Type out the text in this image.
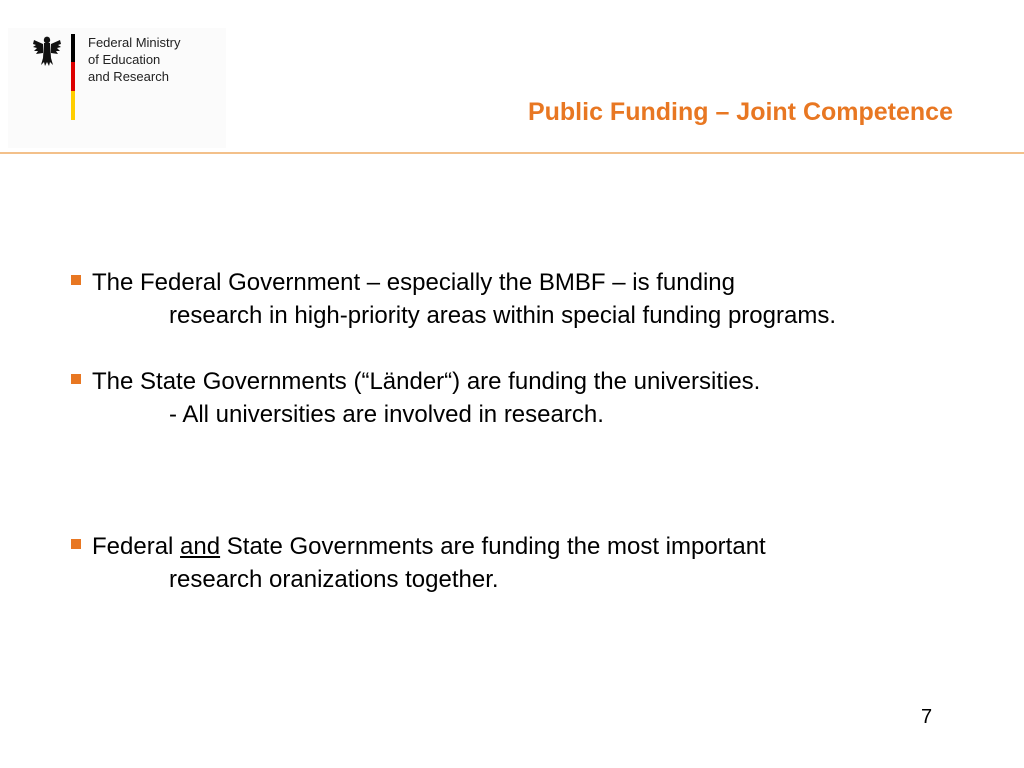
Federal Ministry
of Education
and Research
Public Funding – Joint Competence
The Federal Government – especially the BMBF – is funding
research in high-priority areas within special funding programs.
The State Governments (“Länder“) are funding the universities.
- All universities are involved in research.
Federal and State Governments are funding the most important
research oranizations together.
7
